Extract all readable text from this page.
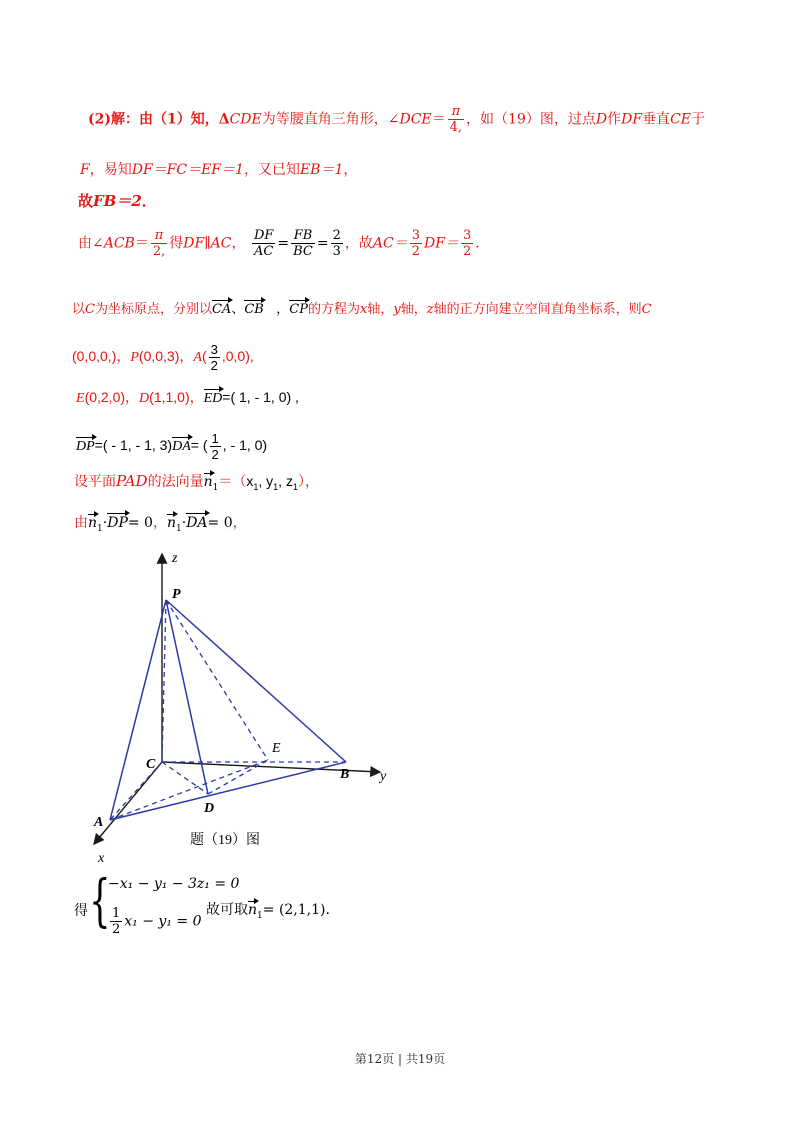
(2)解：由（1）知，ΔCDE为等腰直角三角形，∠DCE＝ $\frac{\pi}{4,}$ ，如（19）图，过点D作DF垂直CE于
F，易知DF＝FC＝EF＝1，又已知EB＝1，
故FB＝2．
由∠ACB＝ $\frac{\pi}{2,}$ 得DF∥AC， $\frac{DF}{AC} = \frac{FB}{BC} = \frac{2}{3}$ ，故$AC= \frac{3}{2} DF= \frac{3}{2}$ ．
以C为坐标原点，分别以CA、CB ，CP的方程为x轴，y轴，z轴的正方向建立空间直角坐标系，则C
(0,0,0,)，P(0,0,3)，$A( \frac{3}{2} ,0,0)$,
E(0,2,0)，D(1,1,0)，ED=( 1, - 1, 0) ,
DP=( - 1, - 1, 3)DA= ( $\frac{1}{2}$ , - 1, 0)
设平面PAD的法向量$n_1=(x_1$, $y_1$, $z_1$），
由$n_1\cdot DP= 0$，$n_1\cdot DA= 0$，
z
P
C
E
B y
D
A
x
题（19）图
得 {
−x₁ − y₁ − 3z₁ = 0
$\frac{1}{2} x_1 - y_1 = 0$
故可取$n_1= (2,1,1)$.
第12页 | 共19页
